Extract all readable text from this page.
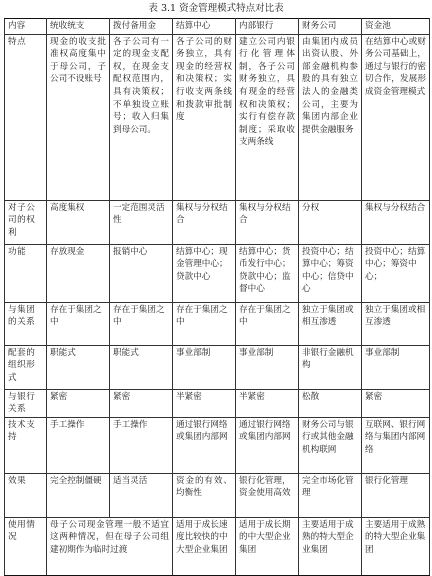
表 3.1 资金管理模式特点对比表
内容	统收统支	拨付备用金	结算中心	内部银行	财务公司	资金池
特点	现金的收支批准权高度集中于母公司，子公司不设账号	各子公司有一定的现金支配权，在现金支配权范围内，具有决策权；不单独设立账号；收入归集到母公司。	各子公司的财务独立，具有现金的经营权和决策权；实行收支两条线和拨款审批制度	建立公司内银行化管理体制，各子公司财务独立，具有现金的经营权和决策权；实行有偿存款制度；采取收支两条线	由集团内成员出资认股、外部金融机构参股的具有独立法人的金融类公司，主要为集团内部企业提供金融服务	在结算中心或财务公司基础上，通过与银行的密切合作，发展形成资金管理模式
对子公司的权利	高度集权	一定范围灵活性	集权与分权结合	集权与分权结合	分权	集权与分权结合
功能	存放现金	报销中心	结算中心；现金管理中心；贷款中心	结算中心；货币发行中心；贷款中心；监督中心	投资中心；结算中心；筹资中心；信贷中心	投资中心；结算中心；筹资中心；
与集团的关系	存在于集团之中	存在于集团之中	存在于集团之中	存在于集团之中	独立于集团或相互渗透	独立于集团或相互渗透
配套的组织形式	职能式	职能式	事业部制	事业部制	非银行金融机构	事业部制
与银行关系	紧密	紧密	半紧密	半紧密	松散	紧密
技术支持	手工操作	手工操作	通过银行网络或集团内部网	通过银行网络或集团内部网	财务公司与银行或其他金融机构联网	互联网、银行网络与集团内部网络
效果	完全控制僵硬	适当灵活	资金的有效、均衡性	银行化管理，资金使用高效	完全市场化管理	银行化管理
使用情况	母子公司现金管理一般不适宜这两种情况，但在母子公司组建初期作为临时过渡		适用于成长速度比较快的中大型企业集团	适用于成长期的中大型企业集团	主要适用于成熟的特大型企业集团	主要适用于成熟的特大型企业集团
